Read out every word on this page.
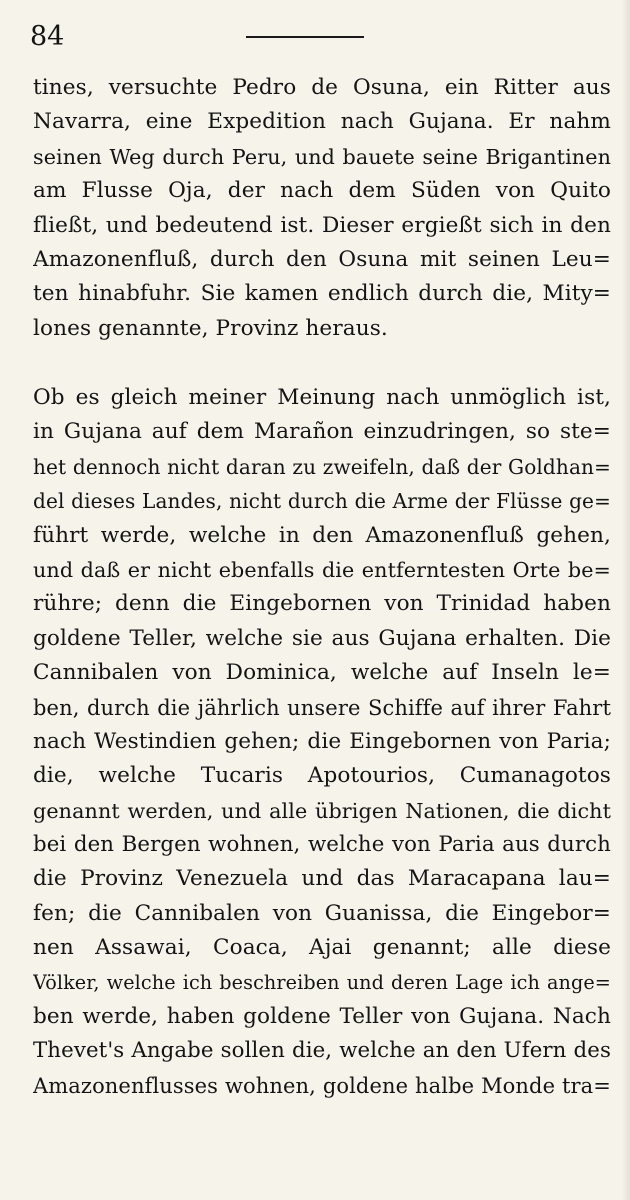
84
tines, versuchte Pedro de Osuna, ein Ritter aus
Navarra, eine Expedition nach Gujana. Er nahm
seinen Weg durch Peru, und bauete seine Brigantinen
am Flusse Oja, der nach dem Süden von Quito
fließt, und bedeutend ist. Dieser ergießt sich in den
Amazonenfluß, durch den Osuna mit seinen Leu=
ten hinabfuhr. Sie kamen endlich durch die, Mity=
lones genannte, Provinz heraus.
Ob es gleich meiner Meinung nach unmöglich ist,
in Gujana auf dem Marañon einzudringen, so ste=
het dennoch nicht daran zu zweifeln, daß der Goldhan=
del dieses Landes, nicht durch die Arme der Flüsse ge=
führt werde, welche in den Amazonenfluß gehen,
und daß er nicht ebenfalls die entferntesten Orte be=
rühre; denn die Eingebornen von Trinidad haben
goldene Teller, welche sie aus Gujana erhalten. Die
Cannibalen von Dominica, welche auf Inseln le=
ben, durch die jährlich unsere Schiffe auf ihrer Fahrt
nach Westindien gehen; die Eingebornen von Paria;
die, welche Tucaris Apotourios, Cumanagotos
genannt werden, und alle übrigen Nationen, die dicht
bei den Bergen wohnen, welche von Paria aus durch
die Provinz Venezuela und das Maracapana lau=
fen; die Cannibalen von Guanissa, die Eingebor=
nen Assawai, Coaca, Ajai genannt; alle diese
Völker, welche ich beschreiben und deren Lage ich ange=
ben werde, haben goldene Teller von Gujana. Nach
Thevet's Angabe sollen die, welche an den Ufern des
Amazonenflusses wohnen, goldene halbe Monde tra=
